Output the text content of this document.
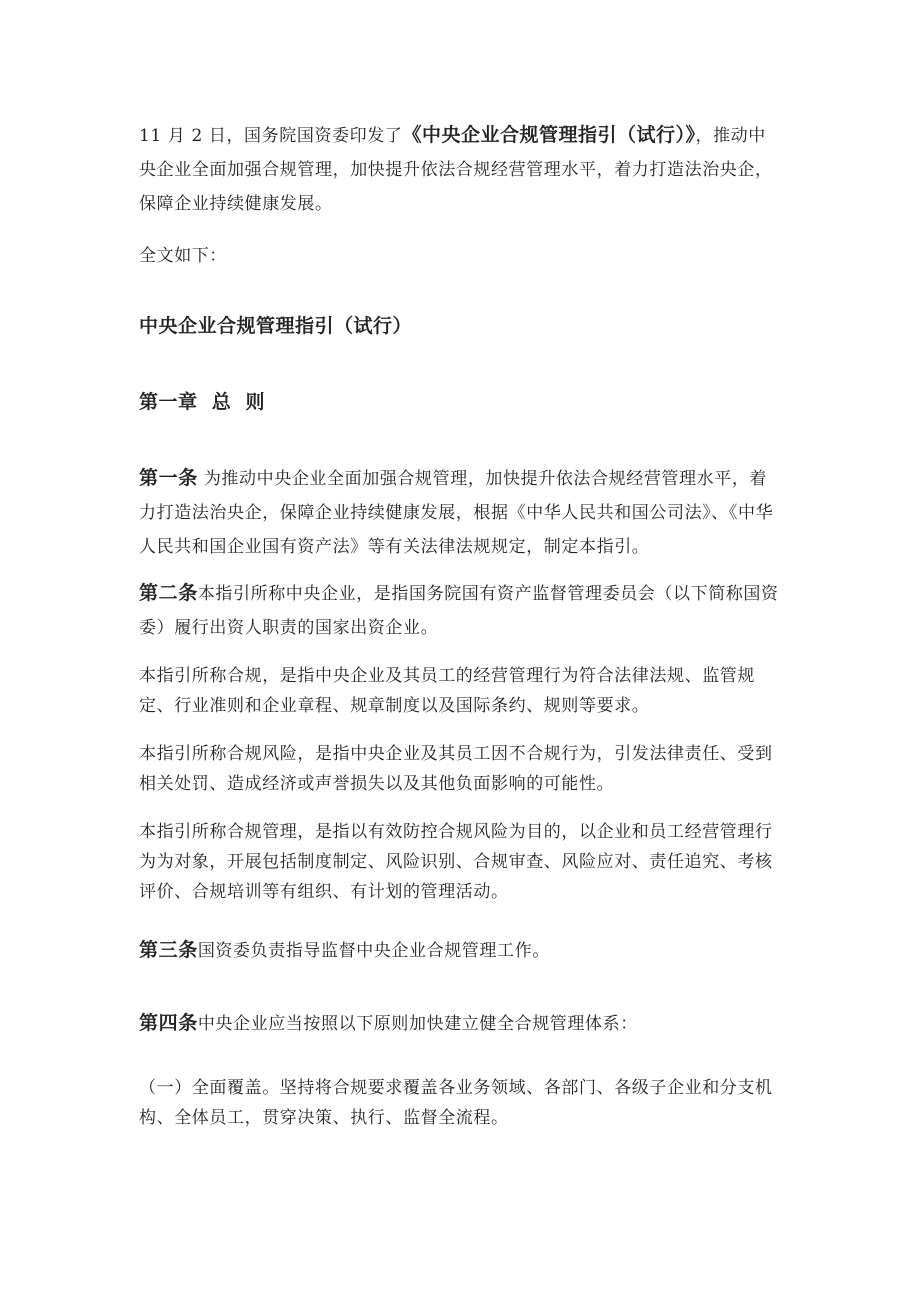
11 月 2 日，国务院国资委印发了《中央企业合规管理指引（试行）》，推动中央企业全面加强合规管理，加快提升依法合规经营管理水平，着力打造法治央企，保障企业持续健康发展。

全文如下：

中央企业合规管理指引（试行）

第一章  总  则

第一条 为推动中央企业全面加强合规管理，加快提升依法合规经营管理水平，着力打造法治央企，保障企业持续健康发展，根据《中华人民共和国公司法》、《中华人民共和国企业国有资产法》等有关法律法规规定，制定本指引。

第二条本指引所称中央企业，是指国务院国有资产监督管理委员会（以下简称国资委）履行出资人职责的国家出资企业。

本指引所称合规，是指中央企业及其员工的经营管理行为符合法律法规、监管规定、行业准则和企业章程、规章制度以及国际条约、规则等要求。

本指引所称合规风险，是指中央企业及其员工因不合规行为，引发法律责任、受到相关处罚、造成经济或声誉损失以及其他负面影响的可能性。

本指引所称合规管理，是指以有效防控合规风险为目的，以企业和员工经营管理行为为对象，开展包括制度制定、风险识别、合规审查、风险应对、责任追究、考核评价、合规培训等有组织、有计划的管理活动。

第三条国资委负责指导监督中央企业合规管理工作。

第四条中央企业应当按照以下原则加快建立健全合规管理体系：

（一）全面覆盖。坚持将合规要求覆盖各业务领域、各部门、各级子企业和分支机构、全体员工，贯穿决策、执行、监督全流程。
